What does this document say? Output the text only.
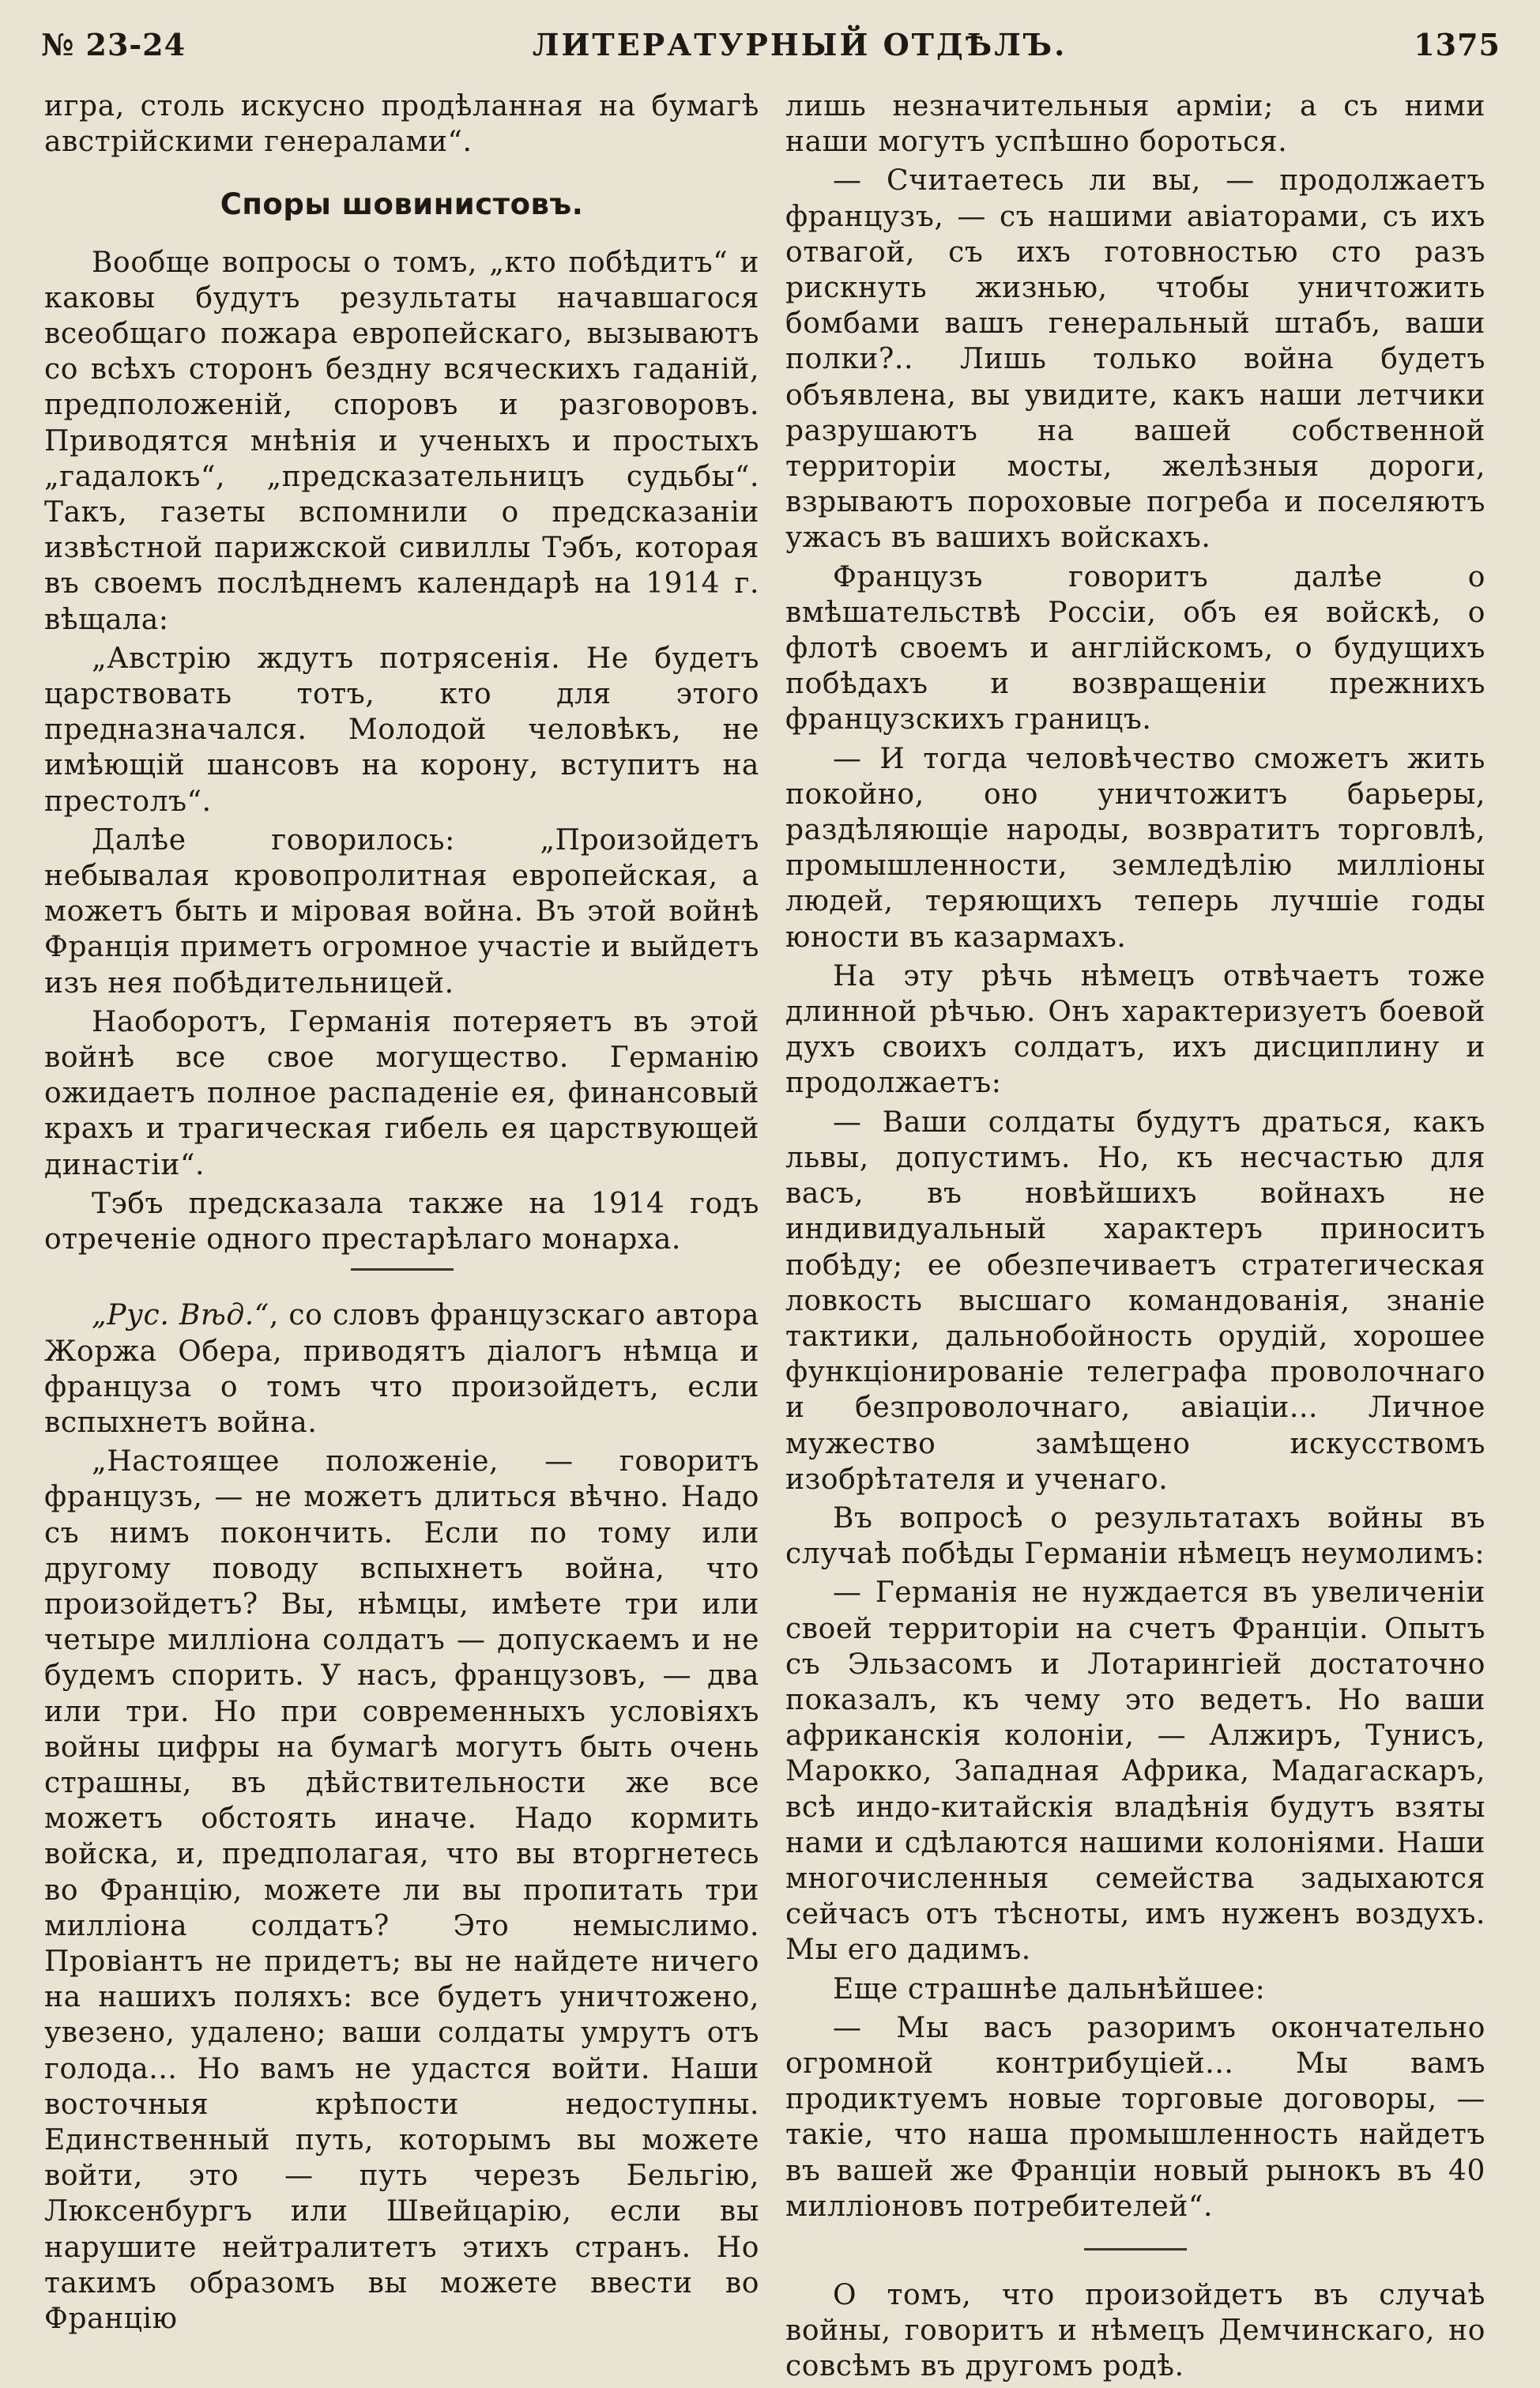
№ 23-24	ЛИТЕРАТУРНЫЙ ОТДѢЛЪ.	1375

игра, столь искусно продѣланная на бумагѣ австрійскими генералами“.

Споры шовинистовъ.

Вообще вопросы о томъ, „кто побѣдитъ“ и каковы будутъ результаты начавшагося всеобщаго пожара европейскаго, вызываютъ со всѣхъ сторонъ бездну всяческихъ гаданій, предположеній, споровъ и разговоровъ. Приводятся мнѣнія и ученыхъ и простыхъ „гадалокъ“, „предсказательницъ судьбы“. Такъ, газеты вспомнили о предсказаніи извѣстной парижской сивиллы Тэбъ, которая въ своемъ послѣднемъ календарѣ на 1914 г. вѣщала:

„Австрію ждутъ потрясенія. Не будетъ царствовать тотъ, кто для этого предназначался. Молодой человѣкъ, не имѣющій шансовъ на корону, вступитъ на престолъ“.

Далѣе говорилось: „Произойдетъ небывалая кровопролитная европейская, а можетъ быть и міровая война. Въ этой войнѣ Франція приметъ огромное участіе и выйдетъ изъ нея побѣдительницей.

Наоборотъ, Германія потеряетъ въ этой войнѣ все свое могущество. Германію ожидаетъ полное распаденіе ея, финансовый крахъ и трагическая гибель ея царствующей династіи“.

Тэбъ предсказала также на 1914 годъ отреченіе одного престарѣлаго монарха.

„Рус. Вѣд.“, со словъ французскаго автора Жоржа Обера, приводятъ діалогъ нѣмца и француза о томъ что произойдетъ, если вспыхнетъ война.

„Настоящее положеніе, — говоритъ французъ, — не можетъ длиться вѣчно. Надо съ нимъ покончить. Если по тому или другому поводу вспыхнетъ война, что произойдетъ? Вы, нѣмцы, имѣете три или четыре милліона солдатъ — допускаемъ и не будемъ спорить. У насъ, французовъ, — два или три. Но при современныхъ условіяхъ войны цифры на бумагѣ могутъ быть очень страшны, въ дѣйствительности же все можетъ обстоять иначе. Надо кормить войска, и, предполагая, что вы вторгнетесь во Францію, можете ли вы пропитать три милліона солдатъ? Это немыслимо. Провіантъ не придетъ; вы не найдете ничего на нашихъ поляхъ: все будетъ уничтожено, увезено, удалено; ваши солдаты умрутъ отъ голода... Но вамъ не удастся войти. Наши восточныя крѣпости недоступны. Единственный путь, которымъ вы можете войти, это — путь черезъ Бельгію, Люксенбургъ или Швейцарію, если вы нарушите нейтралитетъ этихъ странъ. Но такимъ образомъ вы можете ввести во Францію

лишь незначительныя арміи; а съ ними наши могутъ успѣшно бороться.

— Считаетесь ли вы, — продолжаетъ французъ, — съ нашими авіаторами, съ ихъ отвагой, съ ихъ готовностью сто разъ рискнуть жизнью, чтобы уничтожить бомбами вашъ генеральный штабъ, ваши полки?.. Лишь только война будетъ объявлена, вы увидите, какъ наши летчики разрушаютъ на вашей собственной территоріи мосты, желѣзныя дороги, взрываютъ пороховые погреба и поселяютъ ужасъ въ вашихъ войскахъ.

Французъ говоритъ далѣе о вмѣшательствѣ Россіи, объ ея войскѣ, о флотѣ своемъ и англійскомъ, о будущихъ побѣдахъ и возвращеніи прежнихъ французскихъ границъ.

— И тогда человѣчество сможетъ жить покойно, оно уничтожитъ барьеры, раздѣляющіе народы, возвратитъ торговлѣ, промышленности, земледѣлію милліоны людей, теряющихъ теперь лучшіе годы юности въ казармахъ.

На эту рѣчь нѣмецъ отвѣчаетъ тоже длинной рѣчью. Онъ характеризуетъ боевой духъ своихъ солдатъ, ихъ дисциплину и продолжаетъ:

— Ваши солдаты будутъ драться, какъ львы, допустимъ. Но, къ несчастью для васъ, въ новѣйшихъ войнахъ не индивидуальный характеръ приноситъ побѣду; ее обезпечиваетъ стратегическая ловкость высшаго командованія, знаніе тактики, дальнобойность орудій, хорошее функціонированіе телеграфа проволочнаго и безпроволочнаго, авіаціи... Личное мужество замѣщено искусствомъ изобрѣтателя и ученаго.

Въ вопросѣ о результатахъ войны въ случаѣ побѣды Германіи нѣмецъ неумолимъ:

— Германія не нуждается въ увеличеніи своей территоріи на счетъ Франціи. Опытъ съ Эльзасомъ и Лотарингіей достаточно показалъ, къ чему это ведетъ. Но ваши африканскія колоніи, — Алжиръ, Тунисъ, Марокко, Западная Африка, Мадагаскаръ, всѣ индо-китайскія владѣнія будутъ взяты нами и сдѣлаются нашими колоніями. Наши многочисленныя семейства задыхаются сейчасъ отъ тѣсноты, имъ нуженъ воздухъ. Мы его дадимъ.

Еще страшнѣе дальнѣйшее:

— Мы васъ разоримъ окончательно огромной контрибуціей... Мы вамъ продиктуемъ новые торговые договоры, — такіе, что наша промышленность найдетъ въ вашей же Франціи новый рынокъ въ 40 милліоновъ потребителей“.

О томъ, что произойдетъ въ случаѣ войны, говоритъ и нѣмецъ Демчинскаго, но совсѣмъ въ другомъ родѣ.
